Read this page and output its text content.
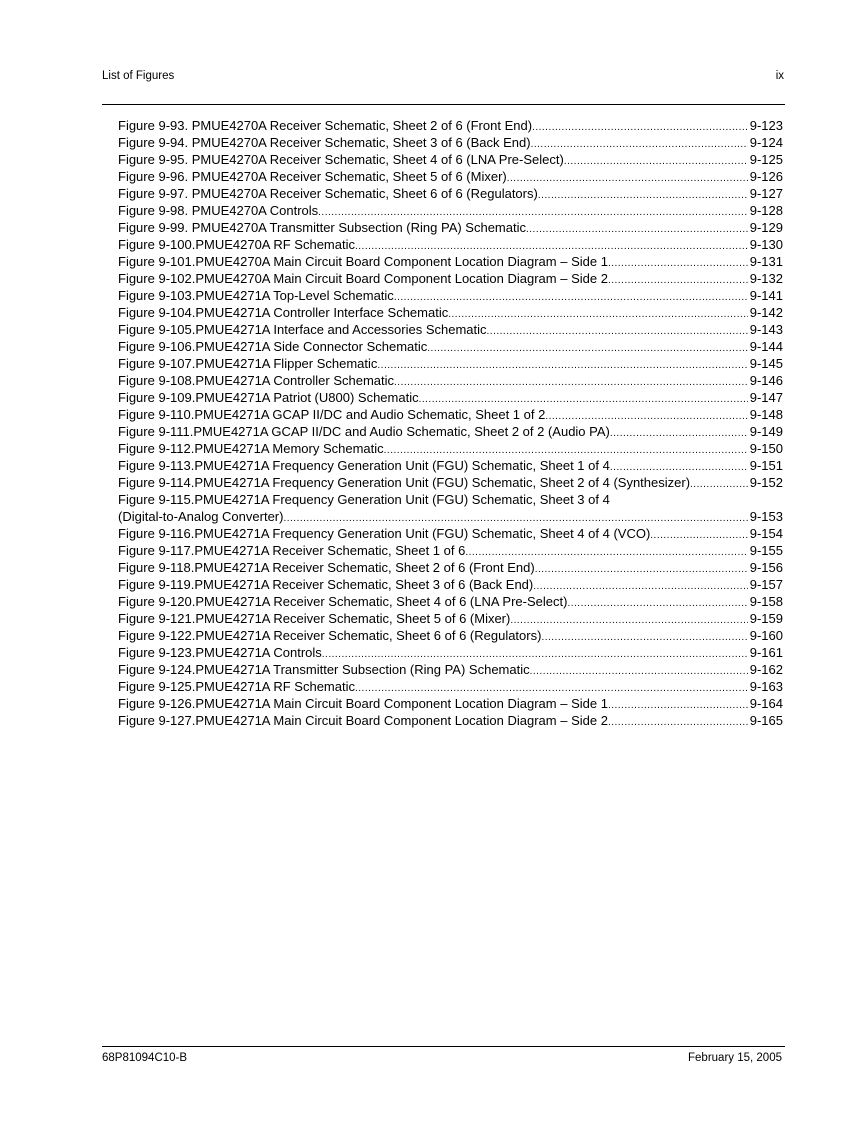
List of Figures	ix
Figure 9-93. PMUE4270A Receiver Schematic, Sheet 2 of 6 (Front End) .....	9-123
Figure 9-94. PMUE4270A Receiver Schematic, Sheet 3 of 6 (Back End) .....	9-124
Figure 9-95. PMUE4270A Receiver Schematic, Sheet 4 of 6 (LNA Pre-Select) .....	9-125
Figure 9-96. PMUE4270A Receiver Schematic, Sheet 5 of 6 (Mixer) .....	9-126
Figure 9-97. PMUE4270A Receiver Schematic, Sheet 6 of 6 (Regulators) .....	9-127
Figure 9-98. PMUE4270A Controls .....	9-128
Figure 9-99. PMUE4270A Transmitter Subsection (Ring PA) Schematic .....	9-129
Figure 9-100.PMUE4270A RF Schematic .....	9-130
Figure 9-101.PMUE4270A Main Circuit Board Component Location Diagram – Side 1 .....	9-131
Figure 9-102.PMUE4270A Main Circuit Board Component Location Diagram – Side 2 .....	9-132
Figure 9-103.PMUE4271A Top-Level Schematic .....	9-141
Figure 9-104.PMUE4271A Controller Interface Schematic .....	9-142
Figure 9-105.PMUE4271A Interface and Accessories Schematic .....	9-143
Figure 9-106.PMUE4271A Side Connector Schematic .....	9-144
Figure 9-107.PMUE4271A Flipper Schematic .....	9-145
Figure 9-108.PMUE4271A Controller Schematic .....	9-146
Figure 9-109.PMUE4271A Patriot (U800) Schematic .....	9-147
Figure 9-110.PMUE4271A GCAP II/DC and Audio Schematic, Sheet 1 of 2 .....	9-148
Figure 9-111.PMUE4271A GCAP II/DC and Audio Schematic, Sheet 2 of 2 (Audio PA) .....	9-149
Figure 9-112.PMUE4271A Memory Schematic .....	9-150
Figure 9-113.PMUE4271A Frequency Generation Unit (FGU) Schematic, Sheet 1 of 4 .....	9-151
Figure 9-114.PMUE4271A Frequency Generation Unit (FGU) Schematic, Sheet 2 of 4 (Synthesizer) .....	9-152
Figure 9-115.PMUE4271A Frequency Generation Unit (FGU) Schematic, Sheet 3 of 4
(Digital-to-Analog Converter) .....	9-153
Figure 9-116.PMUE4271A Frequency Generation Unit (FGU) Schematic, Sheet 4 of 4 (VCO) .....	9-154
Figure 9-117.PMUE4271A Receiver Schematic, Sheet 1 of 6 .....	9-155
Figure 9-118.PMUE4271A Receiver Schematic, Sheet 2 of 6 (Front End) .....	9-156
Figure 9-119.PMUE4271A Receiver Schematic, Sheet 3 of 6 (Back End) .....	9-157
Figure 9-120.PMUE4271A Receiver Schematic, Sheet 4 of 6 (LNA Pre-Select) .....	9-158
Figure 9-121.PMUE4271A Receiver Schematic, Sheet 5 of 6 (Mixer) .....	9-159
Figure 9-122.PMUE4271A Receiver Schematic, Sheet 6 of 6 (Regulators) .....	9-160
Figure 9-123.PMUE4271A Controls .....	9-161
Figure 9-124.PMUE4271A Transmitter Subsection (Ring PA) Schematic .....	9-162
Figure 9-125.PMUE4271A RF Schematic .....	9-163
Figure 9-126.PMUE4271A Main Circuit Board Component Location Diagram – Side 1 .....	9-164
Figure 9-127.PMUE4271A Main Circuit Board Component Location Diagram – Side 2 .....	9-165
68P81094C10-B	February 15, 2005
